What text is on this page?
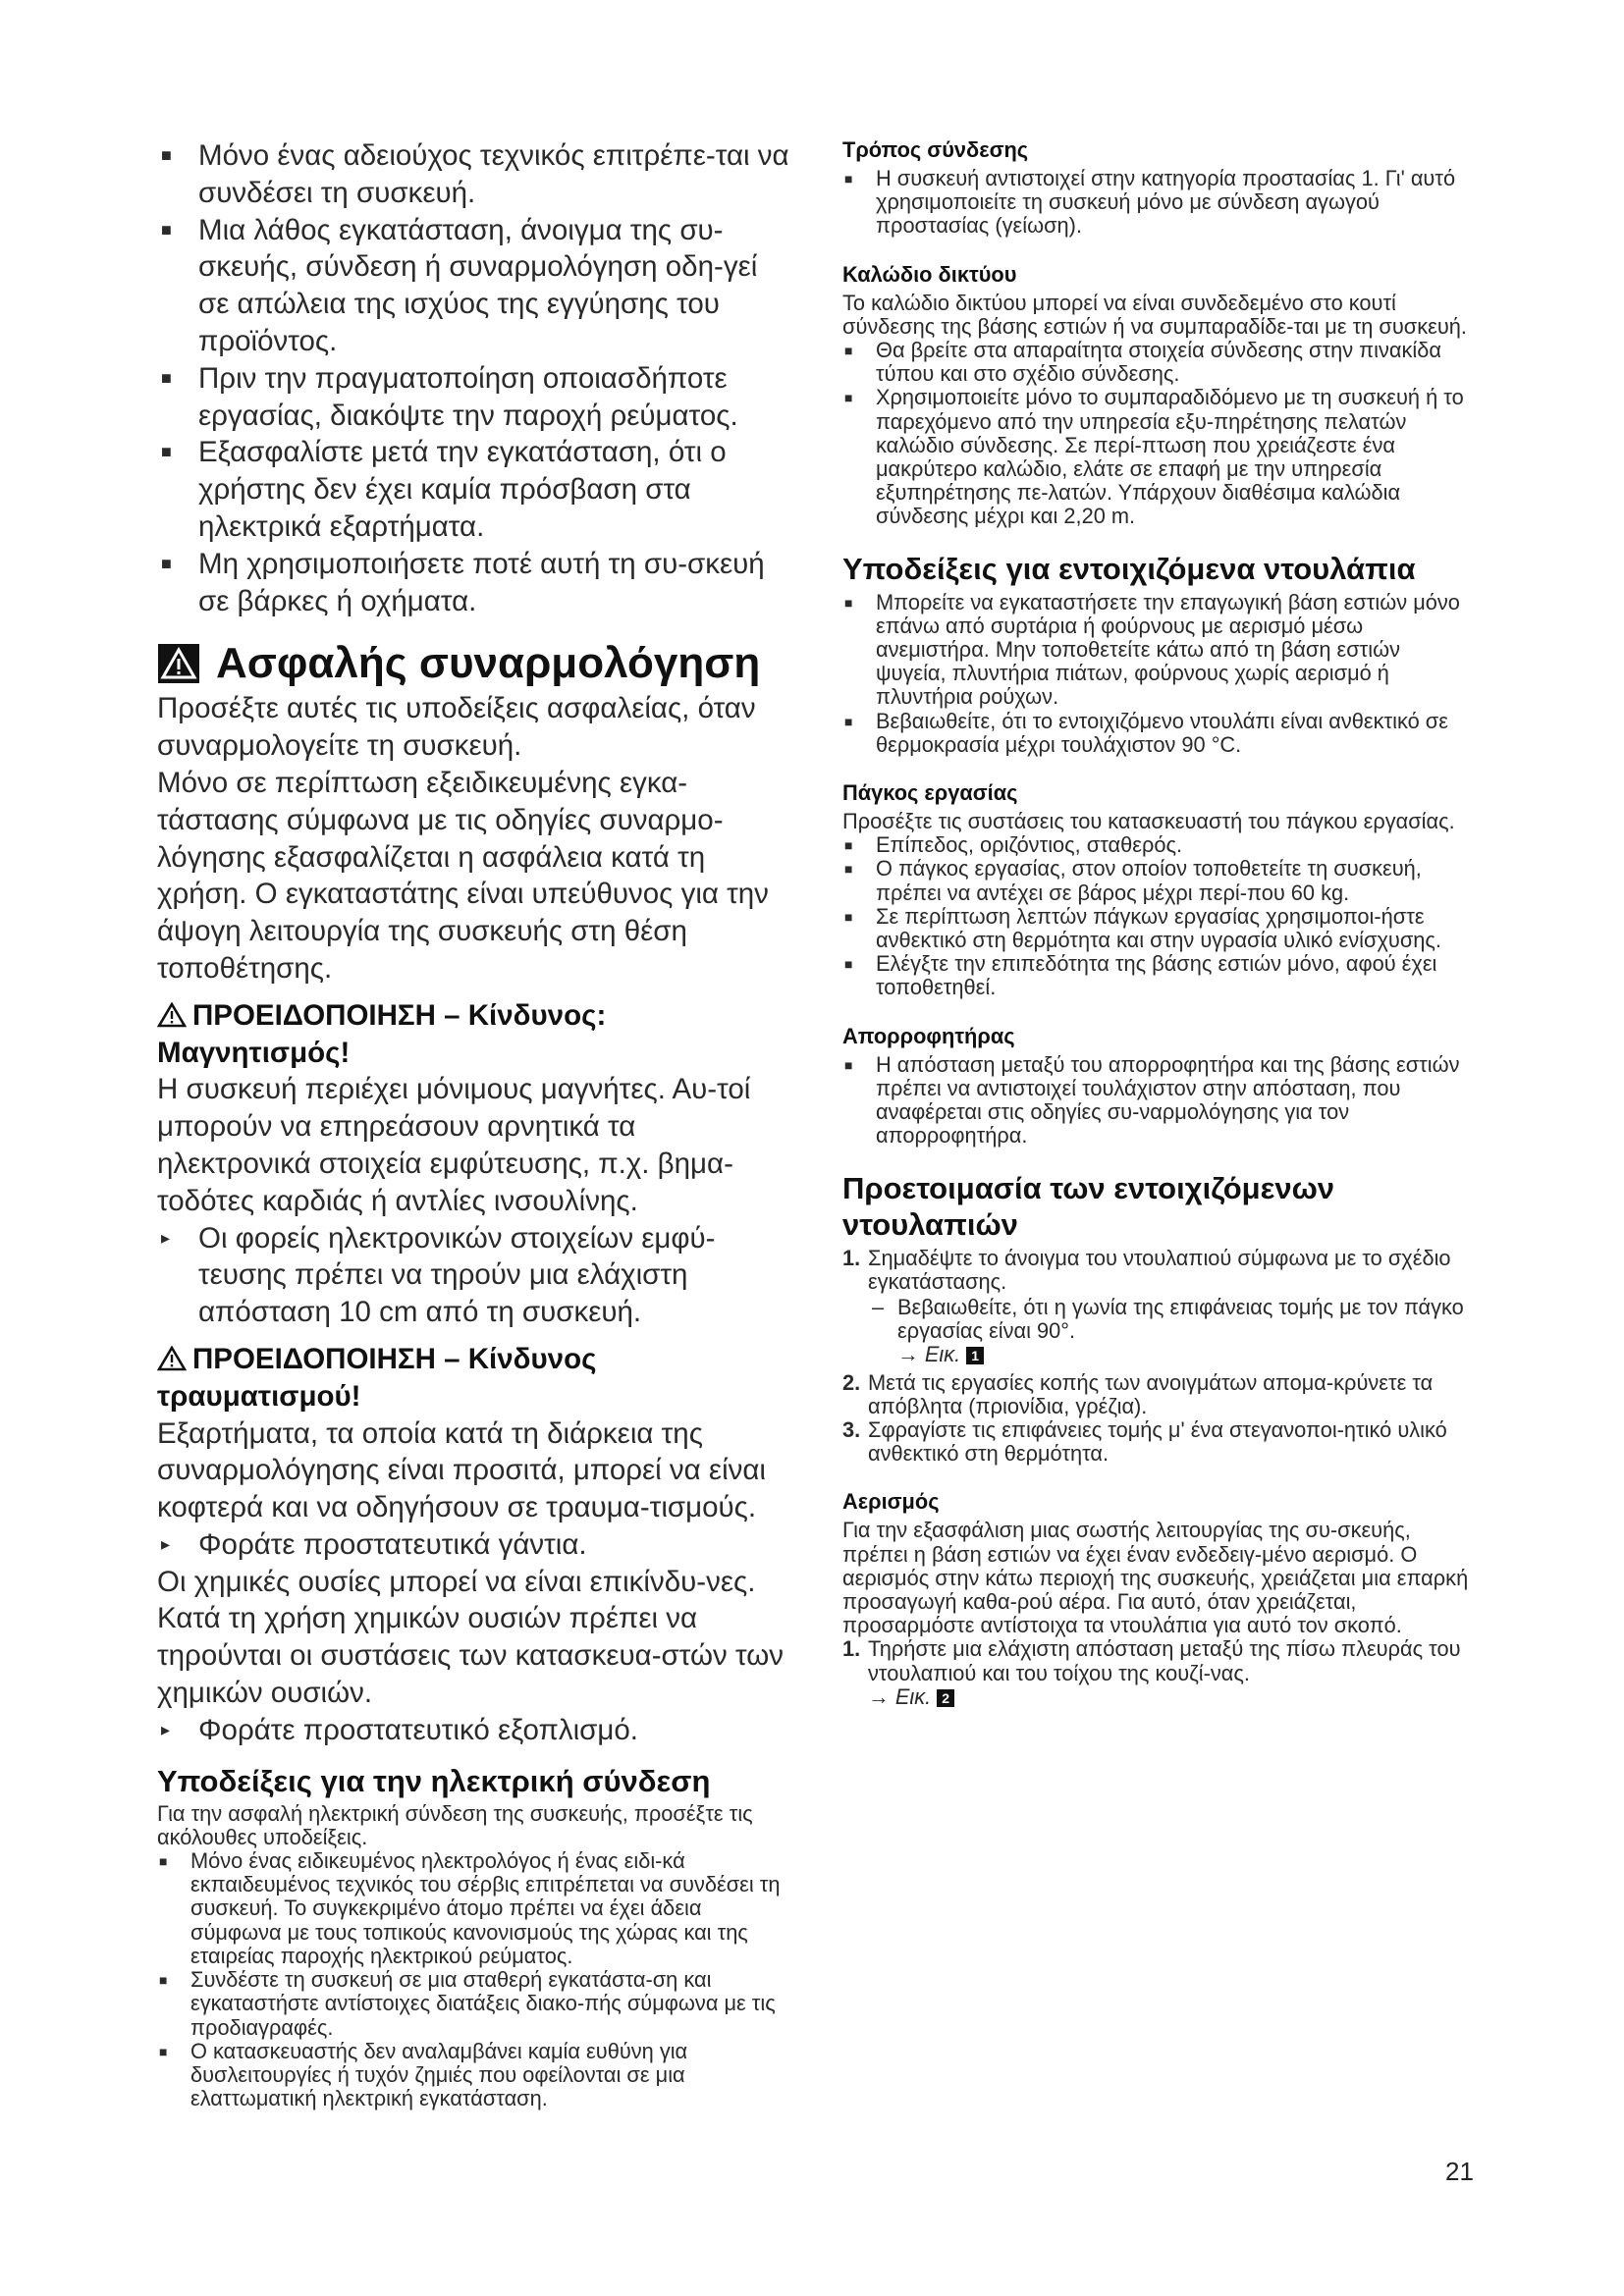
■ Μόνο ένας αδειούχος τεχνικός επιτρέπε-ται να συνδέσει τη συσκευή.
■ Μια λάθος εγκατάσταση, άνοιγμα της συ-σκευής, σύνδεση ή συναρμολόγηση οδη-γεί σε απώλεια της ισχύος της εγγύησης του προϊόντος.
■ Πριν την πραγματοποίηση οποιασδήποτε εργασίας, διακόψτε την παροχή ρεύματος.
■ Εξασφαλίστε μετά την εγκατάσταση, ότι ο χρήστης δεν έχει καμία πρόσβαση στα ηλεκτρικά εξαρτήματα.
■ Μη χρησιμοποιήσετε ποτέ αυτή τη συ-σκευή σε βάρκες ή οχήματα.
Ασφαλής συναρμολόγηση

Προσέξτε αυτές τις υποδείξεις ασφαλείας, όταν συναρμολογείτε τη συσκευή.

Μόνο σε περίπτωση εξειδικευμένης εγκα-τάστασης σύμφωνα με τις οδηγίες συναρμο-λόγησης εξασφαλίζεται η ασφάλεια κατά τη χρήση. Ο εγκαταστάτης είναι υπεύθυνος για την άψογη λειτουργία της συσκευής στη θέση τοποθέτησης.

ΠΡΟΕΙΔΟΠΟΙΗΣΗ – Κίνδυνος:
Μαγνητισμός!

Η συσκευή περιέχει μόνιμους μαγνήτες. Αυ-τοί μπορούν να επηρεάσουν αρνητικά τα ηλεκτρονικά στοιχεία εμφύτευσης, π.χ. βημα-τοδότες καρδιάς ή αντλίες ινσουλίνης.

▸ Οι φορείς ηλεκτρονικών στοιχείων εμφύ-τευσης πρέπει να τηρούν μια ελάχιστη απόσταση 10 cm από τη συσκευή.
ΠΡΟΕΙΔΟΠΟΙΗΣΗ – Κίνδυνος
τραυματισμού!

Εξαρτήματα, τα οποία κατά τη διάρκεια της συναρμολόγησης είναι προσιτά, μπορεί να είναι κοφτερά και να οδηγήσουν σε τραυμα-τισμούς.

▸ Φοράτε προστατευτικά γάντια.

Οι χημικές ουσίες μπορεί να είναι επικίνδυ-νες. Κατά τη χρήση χημικών ουσιών πρέπει να τηρούνται οι συστάσεις των κατασκευα-στών των χημικών ουσιών.

▸ Φοράτε προστατευτικό εξοπλισμό.
Υποδείξεις για την ηλεκτρική σύνδεση

Για την ασφαλή ηλεκτρική σύνδεση της συσκευής, προσέξτε τις ακόλουθες υποδείξεις.

■	Μόνο ένας ειδικευμένος ηλεκτρολόγος ή ένας ειδι-κά εκπαιδευμένος τεχνικός του σέρβις επιτρέπεται να συνδέσει τη συσκευή. Το συγκεκριμένο άτομο πρέπει να έχει άδεια σύμφωνα με τους τοπικούς κανονισμούς της χώρας και της εταιρείας παροχής ηλεκτρικού ρεύματος.
■	Συνδέστε τη συσκευή σε μια σταθερή εγκατάστα-ση και εγκαταστήστε αντίστοιχες διατάξεις διακο-πής σύμφωνα με τις προδιαγραφές.
■	Ο κατασκευαστής δεν αναλαμβάνει καμία ευθύνη για δυσλειτουργίες ή τυχόν ζημιές που οφείλονται σε μια ελαττωματική ηλεκτρική εγκατάσταση.
Τρόπος σύνδεσης
■	Η συσκευή αντιστοιχεί στην κατηγορία προστασίας 1. Γι' αυτό χρησιμοποιείτε τη συσκευή μόνο με σύνδεση αγωγού προστασίας (γείωση).
Καλώδιο δικτύου

Το καλώδιο δικτύου μπορεί να είναι συνδεδεμένο στο κουτί σύνδεσης της βάσης εστιών ή να συμπαραδίδε-ται με τη συσκευή.

■	Θα βρείτε στα απαραίτητα στοιχεία σύνδεσης στην πινακίδα τύπου και στο σχέδιο σύνδεσης.
■	Χρησιμοποιείτε μόνο το συμπαραδιδόμενο με τη συσκευή ή το παρεχόμενο από την υπηρεσία εξυ-πηρέτησης πελατών καλώδιο σύνδεσης. Σε περί-πτωση που χρειάζεστε ένα μακρύτερο καλώδιο, ελάτε σε επαφή με την υπηρεσία εξυπηρέτησης πε-λατών. Υπάρχουν διαθέσιμα καλώδια σύνδεσης μέχρι και 2,20 m.
Υποδείξεις για εντοιχιζόμενα ντουλάπια
■	Μπορείτε να εγκαταστήσετε την επαγωγική βάση εστιών μόνο επάνω από συρτάρια ή φούρνους με αερισμό μέσω ανεμιστήρα. Μην τοποθετείτε κάτω από τη βάση εστιών ψυγεία, πλυντήρια πιάτων, φούρνους χωρίς αερισμό ή πλυντήρια ρούχων.
■	Βεβαιωθείτε, ότι το εντοιχιζόμενο ντουλάπι είναι ανθεκτικό σε θερμοκρασία μέχρι τουλάχιστον 90 °C.
Πάγκος εργασίας

Προσέξτε τις συστάσεις του κατασκευαστή του πάγκου εργασίας.

■	Επίπεδος, οριζόντιος, σταθερός.
■	Ο πάγκος εργασίας, στον οποίον τοποθετείτε τη συσκευή, πρέπει να αντέχει σε βάρος μέχρι περί-που 60 kg.
■	Σε περίπτωση λεπτών πάγκων εργασίας χρησιμοποι-ήστε ανθεκτικό στη θερμότητα και στην υγρασία υλικό ενίσχυσης.
■	Ελέγξτε την επιπεδότητα της βάσης εστιών μόνο, αφού έχει τοποθετηθεί.
Απορροφητήρας
■	Η απόσταση μεταξύ του απορροφητήρα και της βάσης εστιών πρέπει να αντιστοιχεί τουλάχιστον στην απόσταση, που αναφέρεται στις οδηγίες συ-ναρμολόγησης για τον απορροφητήρα.
Προετοιμασία των εντοιχιζόμενων ντουλαπιών
1. Σημαδέψτε το άνοιγμα του ντουλαπιού σύμφωνα με το σχέδιο εγκατάστασης.
– Βεβαιωθείτε, ότι η γωνία της επιφάνειας τομής με τον πάγκο εργασίας είναι 90°.
→ Εικ. 1
2. Μετά τις εργασίες κοπής των ανοιγμάτων απομα-κρύνετε τα απόβλητα (πριονίδια, γρέζια).
3. Σφραγίστε τις επιφάνειες τομής μ' ένα στεγανοποι-ητικό υλικό ανθεκτικό στη θερμότητα.
Αερισμός

Για την εξασφάλιση μιας σωστής λειτουργίας της συ-σκευής, πρέπει η βάση εστιών να έχει έναν ενδεδειγ-μένο αερισμό. Ο αερισμός στην κάτω περιοχή της συσκευής, χρειάζεται μια επαρκή προσαγωγή καθα-ρού αέρα. Για αυτό, όταν χρειάζεται, προσαρμόστε αντίστοιχα τα ντουλάπια για αυτό τον σκοπό.

1. Τηρήστε μια ελάχιστη απόσταση μεταξύ της πίσω πλευράς του ντουλαπιού και του τοίχου της κουζί-νας.
→ Εικ. 2
21
